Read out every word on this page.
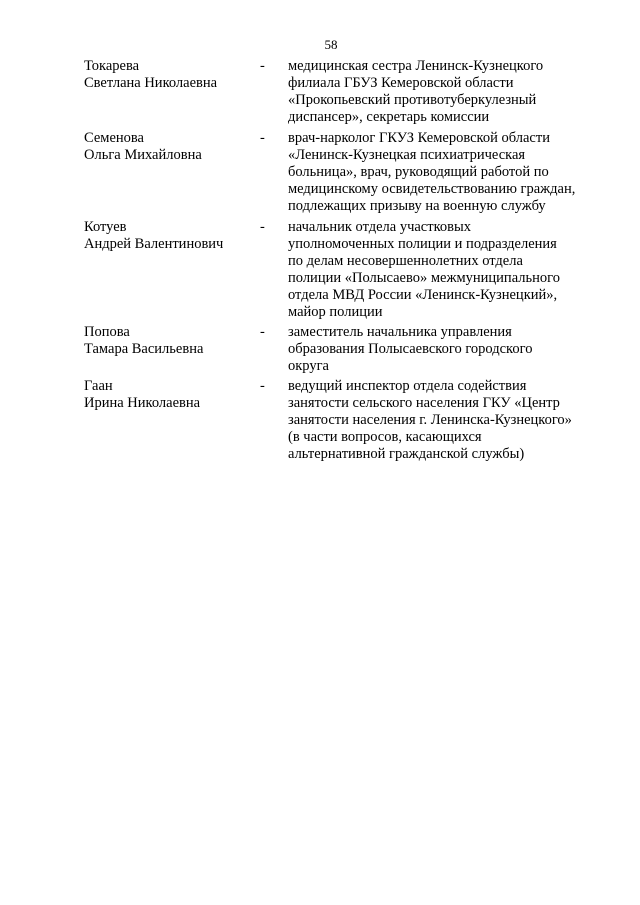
58
Токарева
Светлана Николаевна
-	медицинская сестра Ленинск-Кузнецкого
филиала ГБУЗ Кемеровской области
«Прокопьевский противотуберкулезный
диспансер», секретарь комиссии
Семенова
Ольга Михайловна
-	врач-нарколог ГКУЗ Кемеровской области
«Ленинск-Кузнецкая психиатрическая
больница», врач, руководящий работой по
медицинскому освидетельствованию граждан,
подлежащих призыву на военную службу
Котуев
Андрей Валентинович
-	начальник отдела участковых
уполномоченных полиции и подразделения
по делам несовершеннолетних отдела
полиции «Полысаево» межмуниципального
отдела МВД России «Ленинск-Кузнецкий»,
майор полиции
Попова
Тамара Васильевна
-	заместитель начальника управления
образования Полысаевского городского
округа
Гаан
Ирина Николаевна
-	ведущий инспектор отдела содействия
занятости сельского населения ГКУ «Центр
занятости населения г. Ленинска-Кузнецкого»
(в части вопросов, касающихся
альтернативной гражданской службы)
